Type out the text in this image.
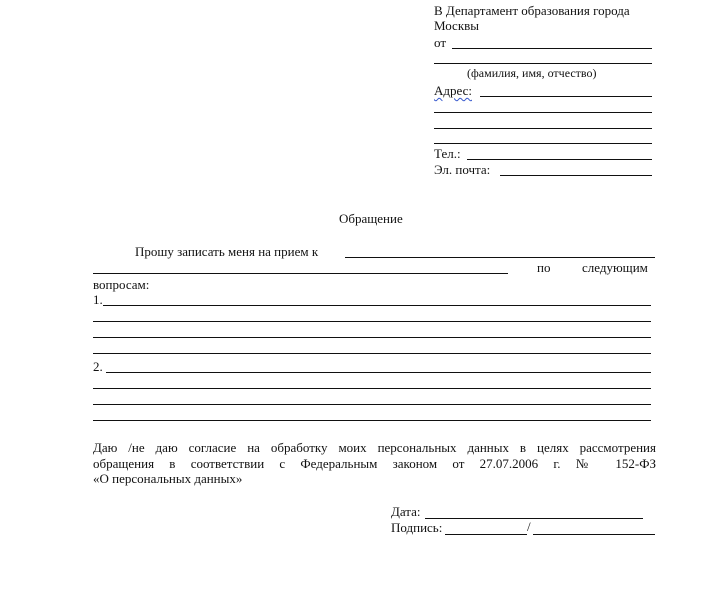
В Департамент образования города
Москвы
от
(фамилия, имя, отчество)
Адрес:
Тел.:
Эл. почта:
Обращение
Прошу записать меня на прием к
по следующим
вопросам:
1.
2.
Даю /не даю согласие на обработку моих персональных данных в целях рассмотрения
обращения в соответствии с Федеральным законом от 27.07.2006 г. № 152-ФЗ
«О персональных данных»
Дата:
Подпись:	/
